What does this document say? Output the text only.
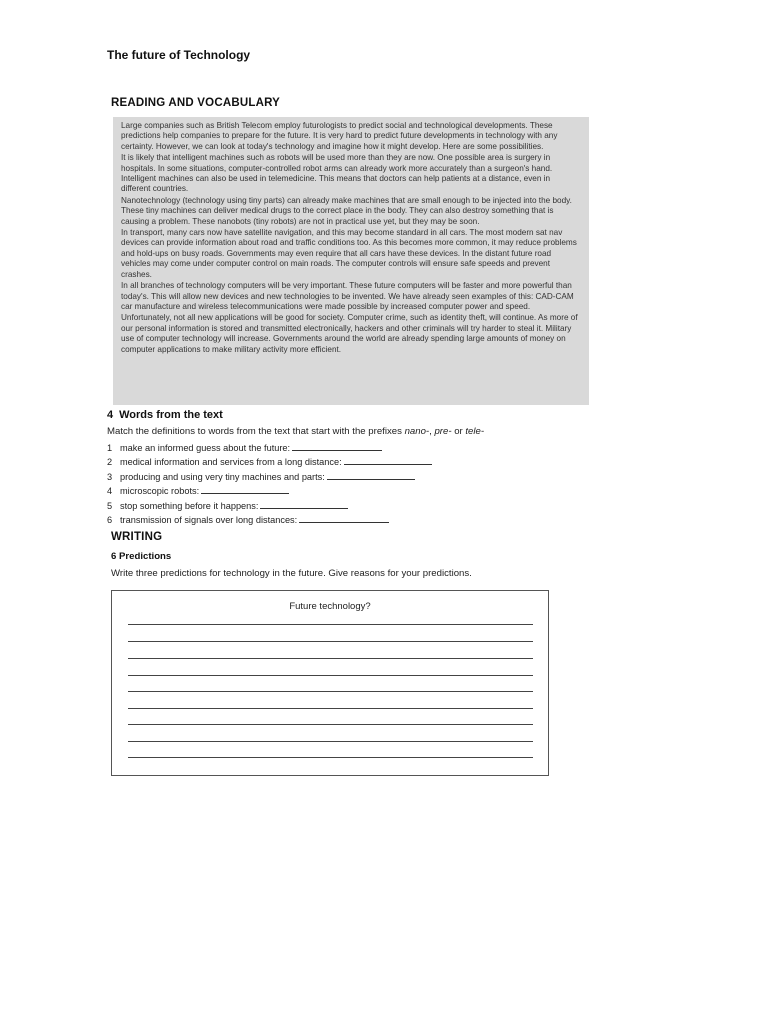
The future of Technology
READING AND VOCABULARY

Large companies such as British Telecom employ futurologists to predict social and technological developments. These predictions help companies to prepare for the future. It is very hard to predict future developments in technology with any certainty. However, we can look at today's technology and imagine how it might develop. Here are some possibilities.

It is likely that intelligent machines such as robots will be used more than they are now. One possible area is surgery in hospitals. In some situations, computer-controlled robot arms can already work more accurately than a surgeon's hand. Intelligent machines can also be used in telemedicine. This means that doctors can help patients at a distance, even in different countries.

Nanotechnology (technology using tiny parts) can already make machines that are small enough to be injected into the body. These tiny machines can deliver medical drugs to the correct place in the body. They can also destroy something that is causing a problem. These nanobots (tiny robots) are not in practical use yet, but they may be soon.

In transport, many cars now have satellite navigation, and this may become standard in all cars. The most modern sat nav devices can provide information about road and traffic conditions too. As this becomes more common, it may reduce problems and hold-ups on busy roads. Governments may even require that all cars have these devices. In the distant future road vehicles may come under computer control on main roads. The computer controls will ensure safe speeds and prevent crashes.

In all branches of technology computers will be very important. These future computers will be faster and more powerful than today's. This will allow new devices and new technologies to be invented. We have already seen examples of this: CAD-CAM car manufacture and wireless telecommunications were made possible by increased computer power and speed.

Unfortunately, not all new applications will be good for society. Computer crime, such as identity theft, will continue. As more of our personal information is stored and transmitted electronically, hackers and other criminals will try harder to steal it. Military use of computer technology will increase. Governments around the world are already spending large amounts of money on computer applications to make military activity more efficient.

4 Words from the text
Match the definitions to words from the text that start with the prefixes nano-, pre- or tele-
1 make an informed guess about the future:
2 medical information and services from a long distance:
3 producing and using very tiny machines and parts:
4 microscopic robots:
5 stop something before it happens:
6 transmission of signals over long distances:
WRITING
6 Predictions
Write three predictions for technology in the future. Give reasons for your predictions.
Future technology?
